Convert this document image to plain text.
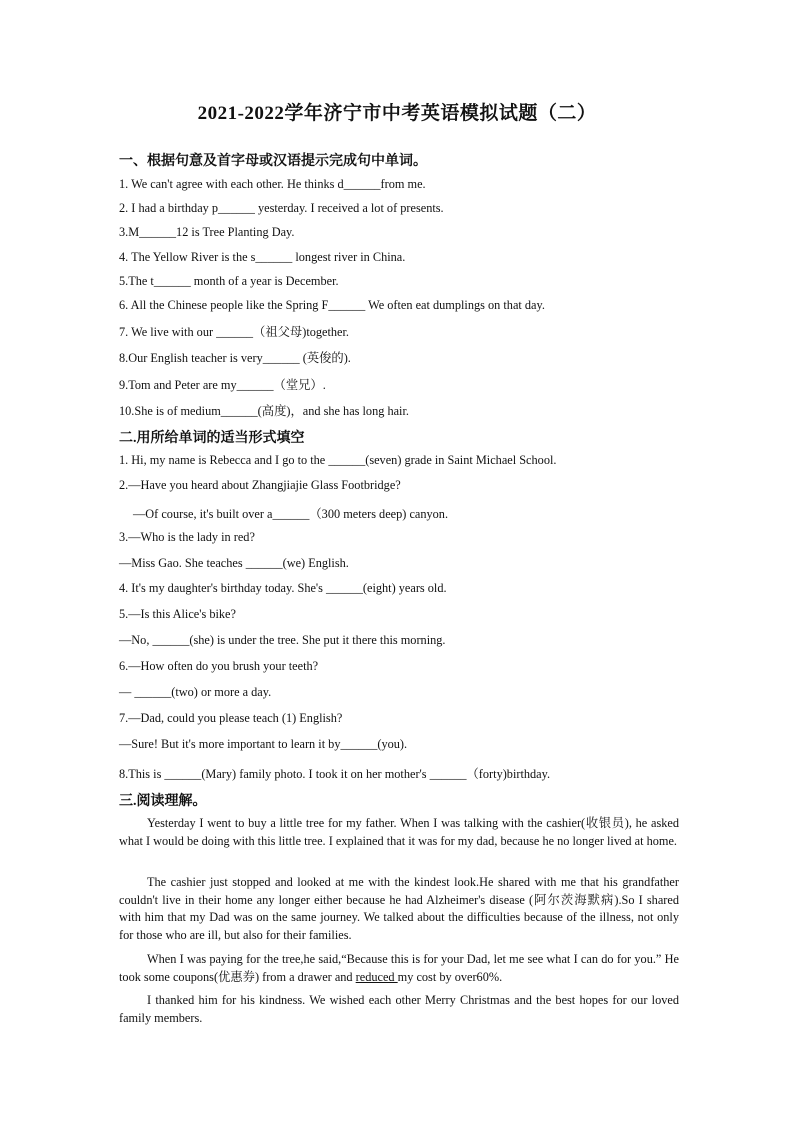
2021-2022学年济宁市中考英语模拟试题（二）
一、根据句意及首字母或汉语提示完成句中单词。
1. We can't agree with each other. He thinks d______from me.
2. I had a birthday p______ yesterday. I received a lot of presents.
3.M______12 is Tree Planting Day.
4. The Yellow River is the s______ longest river in China.
5.The t______ month of a year is December.
6. All the Chinese people like the Spring F______ We often eat dumplings on that day.
7. We live with our ______（祖父母)together.
8.Our English teacher is very______ (英俊的).
9.Tom and Peter are my______（堂兄）.
10.She is of medium______(高度)，and she has long hair.
二.用所给单词的适当形式填空
1. Hi, my name is Rebecca and I go to the ______(seven) grade in Saint Michael School.
2.—Have you heard about Zhangjiajie Glass Footbridge?
—Of course, it's built over a______（300 meters deep) canyon.
3.—Who is the lady in red?
—Miss Gao. She teaches ______(we) English.
4. It's my daughter's birthday today. She's ______(eight) years old.
5.—Is this Alice's bike?
—No, ______(she) is under the tree. She put it there this morning.
6.—How often do you brush your teeth?
— ______(two) or more a day.
7.—Dad, could you please teach (1) English?
—Sure! But it's more important to learn it by______(you).
8.This is ______(Mary) family photo. I took it on her mother's ______（forty)birthday.
三.阅读理解。
Yesterday I went to buy a little tree for my father. When I was talking with the cashier(收银员), he asked what I would be doing with this little tree. I explained that it was for my dad, because he no longer lived at home.
The cashier just stopped and looked at me with the kindest look.He shared with me that his grandfather couldn't live in their home any longer either because he had Alzheimer's disease (阿尔茨海默病).So I shared with him that my Dad was on the same journey. We talked about the difficulties because of the illness, not only for those who are ill, but also for their families.
When I was paying for the tree,he said,“Because this is for your Dad, let me see what I can do for you.” He took some coupons(优惠券) from a drawer and reduced my cost by over60%.
I thanked him for his kindness. We wished each other Merry Christmas and the best hopes for our loved family members.
